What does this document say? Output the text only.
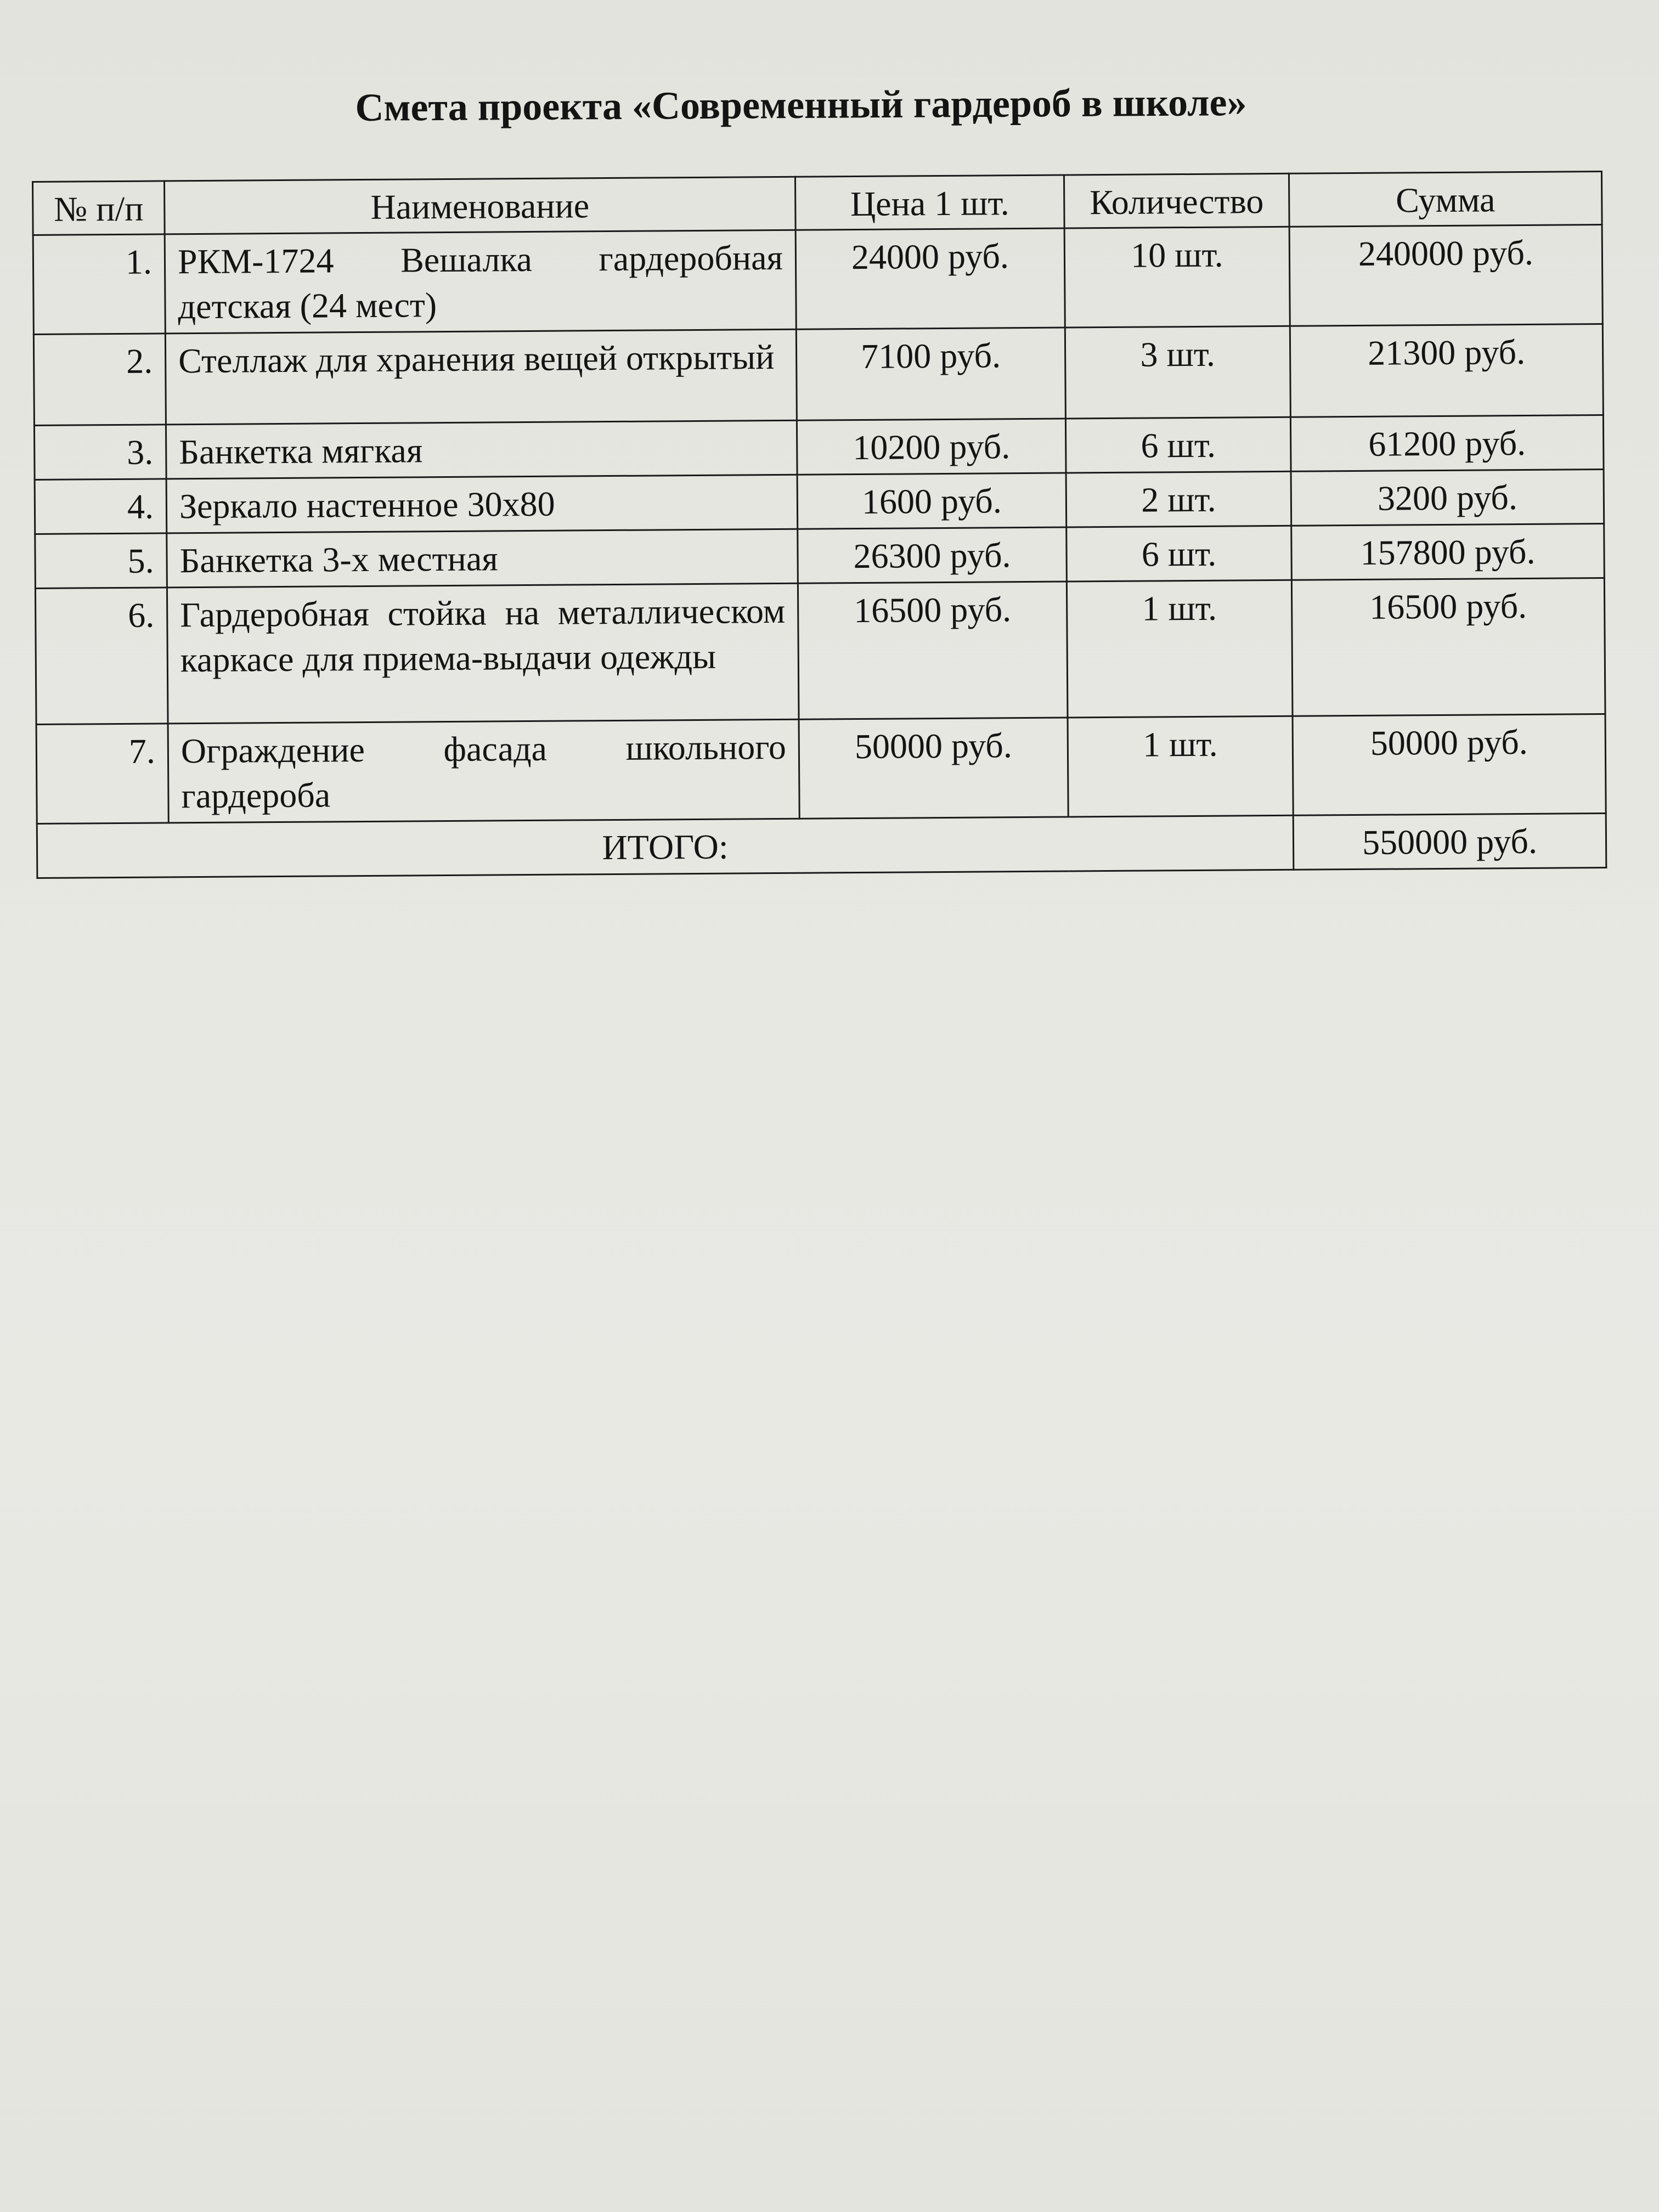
Смета проекта «Современный гардероб в школе»
№ п/п	Наименование	Цена 1 шт.	Количество	Сумма
1.	РКМ-1724 Вешалка гардеробная детская (24 мест)	24000 руб.	10 шт.	240000 руб.
2.	Стеллаж для хранения вещей открытый	7100 руб.	3 шт.	21300 руб.
3.	Банкетка мягкая	10200 руб.	6 шт.	61200 руб.
4.	Зеркало настенное 30х80	1600 руб.	2 шт.	3200 руб.
5.	Банкетка 3-х местная	26300 руб.	6 шт.	157800 руб.
6.	Гардеробная стойка на металлическом каркасе для приема-выдачи одежды	16500 руб.	1 шт.	16500 руб.
7.	Ограждение фасада школьного гардероба	50000 руб.	1 шт.	50000 руб.
ИТОГО:				550000 руб.
